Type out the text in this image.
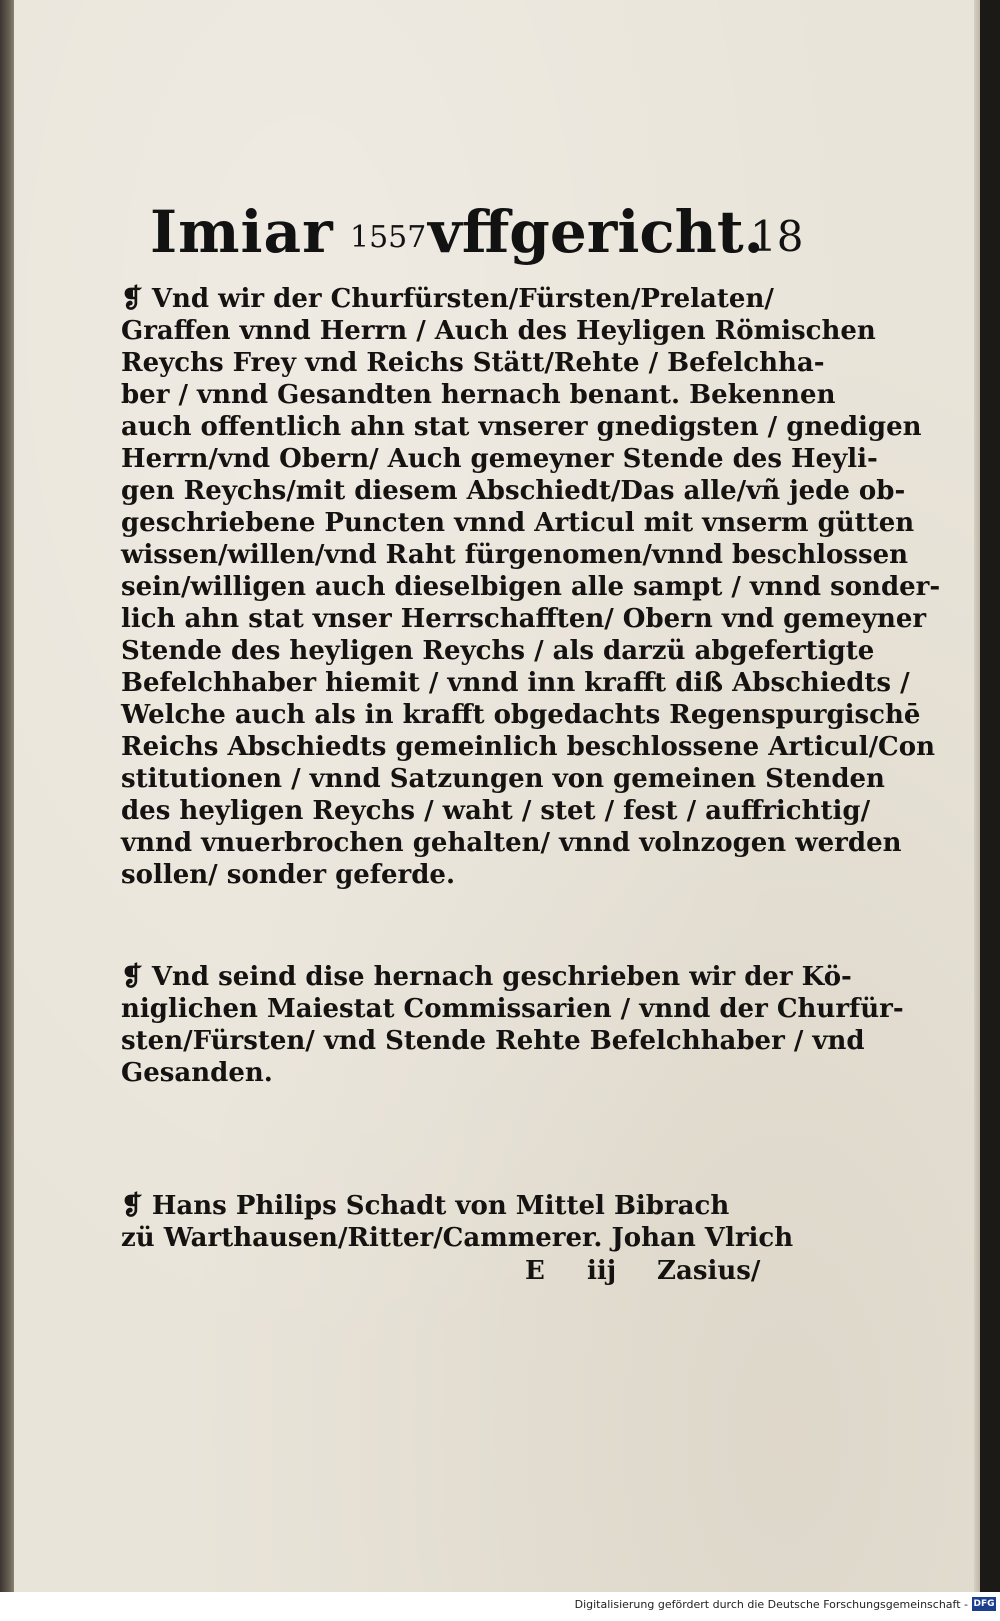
Imiar 1557 vffgericht.
18
❡ Vnd wir der Churfürsten/Fürsten/Prelaten/
Graffen vnnd Herrn / Auch des Heyligen Römischen
Reychs Frey vnd Reichs Stätt/Rehte / Befelchha-
ber / vnnd Gesandten hernach benant. Bekennen
auch offentlich ahn stat vnserer gnedigsten / gnedigen
Herrn/vnd Obern/ Auch gemeyner Stende des Heyli-
gen Reychs/mit diesem Abschiedt/Das alle/vñ jede ob-
geschriebene Puncten vnnd Articul mit vnserm gütten
wissen/willen/vnd Raht fürgenomen/vnnd beschlossen
sein/willigen auch dieselbigen alle sampt / vnnd sonder-
lich ahn stat vnser Herrschafften/ Obern vnd gemeyner
Stende des heyligen Reychs / als darzü abgefertigte
Befelchhaber hiemit / vnnd inn krafft diß Abschiedts /
Welche auch als in krafft obgedachts Regenspurgischē
Reichs Abschiedts gemeinlich beschlossene Articul/Con
stitutionen / vnnd Satzungen von gemeinen Stenden
des heyligen Reychs / waht / stet / fest / auffrichtig/
vnnd vnuerbrochen gehalten/ vnnd volnzogen werden
sollen/ sonder geferde.
❡ Vnd seind dise hernach geschrieben wir der Kö-
niglichen Maiestat Commissarien / vnnd der Churfür-
sten/Fürsten/ vnd Stende Rehte Befelchhaber / vnd
Gesanden.
❡ Hans Philips Schadt von Mittel Bibrach
zü Warthausen/Ritter/Cammerer. Johan Vlrich
E iij Zasius/
Digitalisierung gefördert durch die Deutsche Forschungsgemeinschaft - DFG
